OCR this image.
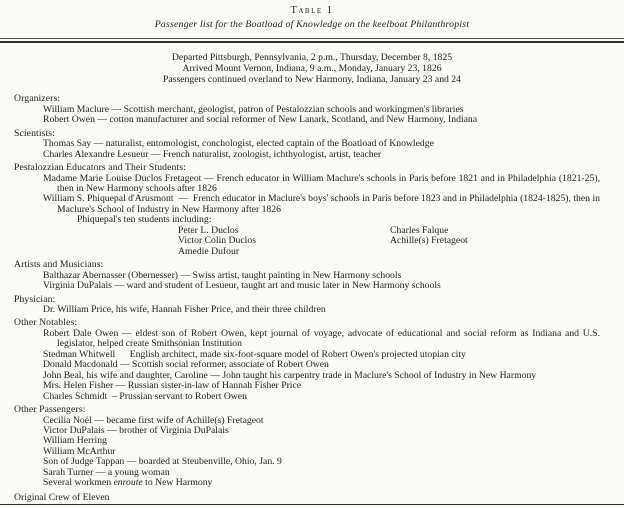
Table 1
Passenger list for the Boatload of Knowledge on the keelboat Philanthropist
Departed Pittsburgh, Pennsylvania, 2 p.m., Thursday, December 8, 1825
Arrived Mount Vernon, Indiana, 9 a.m., Monday, January 23, 1826
Passengers continued overland to New Harmony, Indiana, January 23 and 24
Organizers:
William Maclure — Scottish merchant, geologist, patron of Pestalozzian schools and workingmen's libraries
Robert Owen — cotton manufacturer and social reformer of New Lanark, Scotland, and New Harmony, Indiana
Scientists:
Thomas Say — naturalist, entomologist, conchologist, elected captain of the Boatload of Knowledge
Charles Alexandre Lesueur — French naturalist, zoologist, ichthyologist, artist, teacher
Pestalozzian Educators and Their Students:
Madame Marie Louise Duclos Fretageot — French educator in William Maclure's schools in Paris before 1821 and in Philadelphia (1821-25), then in New Harmony schools after 1826
William S. Phiquepal d'Arusmont — French educator in Maclure's boys' schools in Paris before 1823 and in Philadelphia (1824-1825), then in Maclure's School of Industry in New Harmony after 1826
Phiquepal's ten students including:
Peter L. Duclos
Victor Colin Duclos
Amedie Dufour
Charles Falque
Achille(s) Fretageot
Artists and Musicians:
Balthazar Abernasser (Obernesser) — Swiss artist, taught painting in New Harmony schools
Virginia DuPalais — ward and student of Lesueur, taught art and music later in New Harmony schools
Physician:
Dr. William Price, his wife, Hannah Fisher Price, and their three children
Other Notables:
Robert Dale Owen — eldest son of Robert Owen, kept journal of voyage, advocate of educational and social reform as Indiana and U.S. legislator, helped create Smithsonian Institution
Stedman Whitwell   English architect, made six-foot-square model of Robert Owen's projected utopian city
Donald Macdonald — Scottish social reformer, associate of Robert Owen
John Beal, his wife and daughter, Caroline — John taught his carpentry trade in Maclure's School of Industry in New Harmony
Mrs. Helen Fisher — Russian sister-in-law of Hannah Fisher Price
Charles Schmidt – Prussian servant to Robert Owen
Other Passengers:
Cecilia Noël — became first wife of Achille(s) Fretageot
Victor DuPalais — brother of Virginia DuPalais
William Herring
William McArthur
Son of Judge Tappan — boarded at Steubenville, Ohio, Jan. 9
Sarah Turner — a young woman
Several workmen enroute to New Harmony
Original Crew of Eleven
